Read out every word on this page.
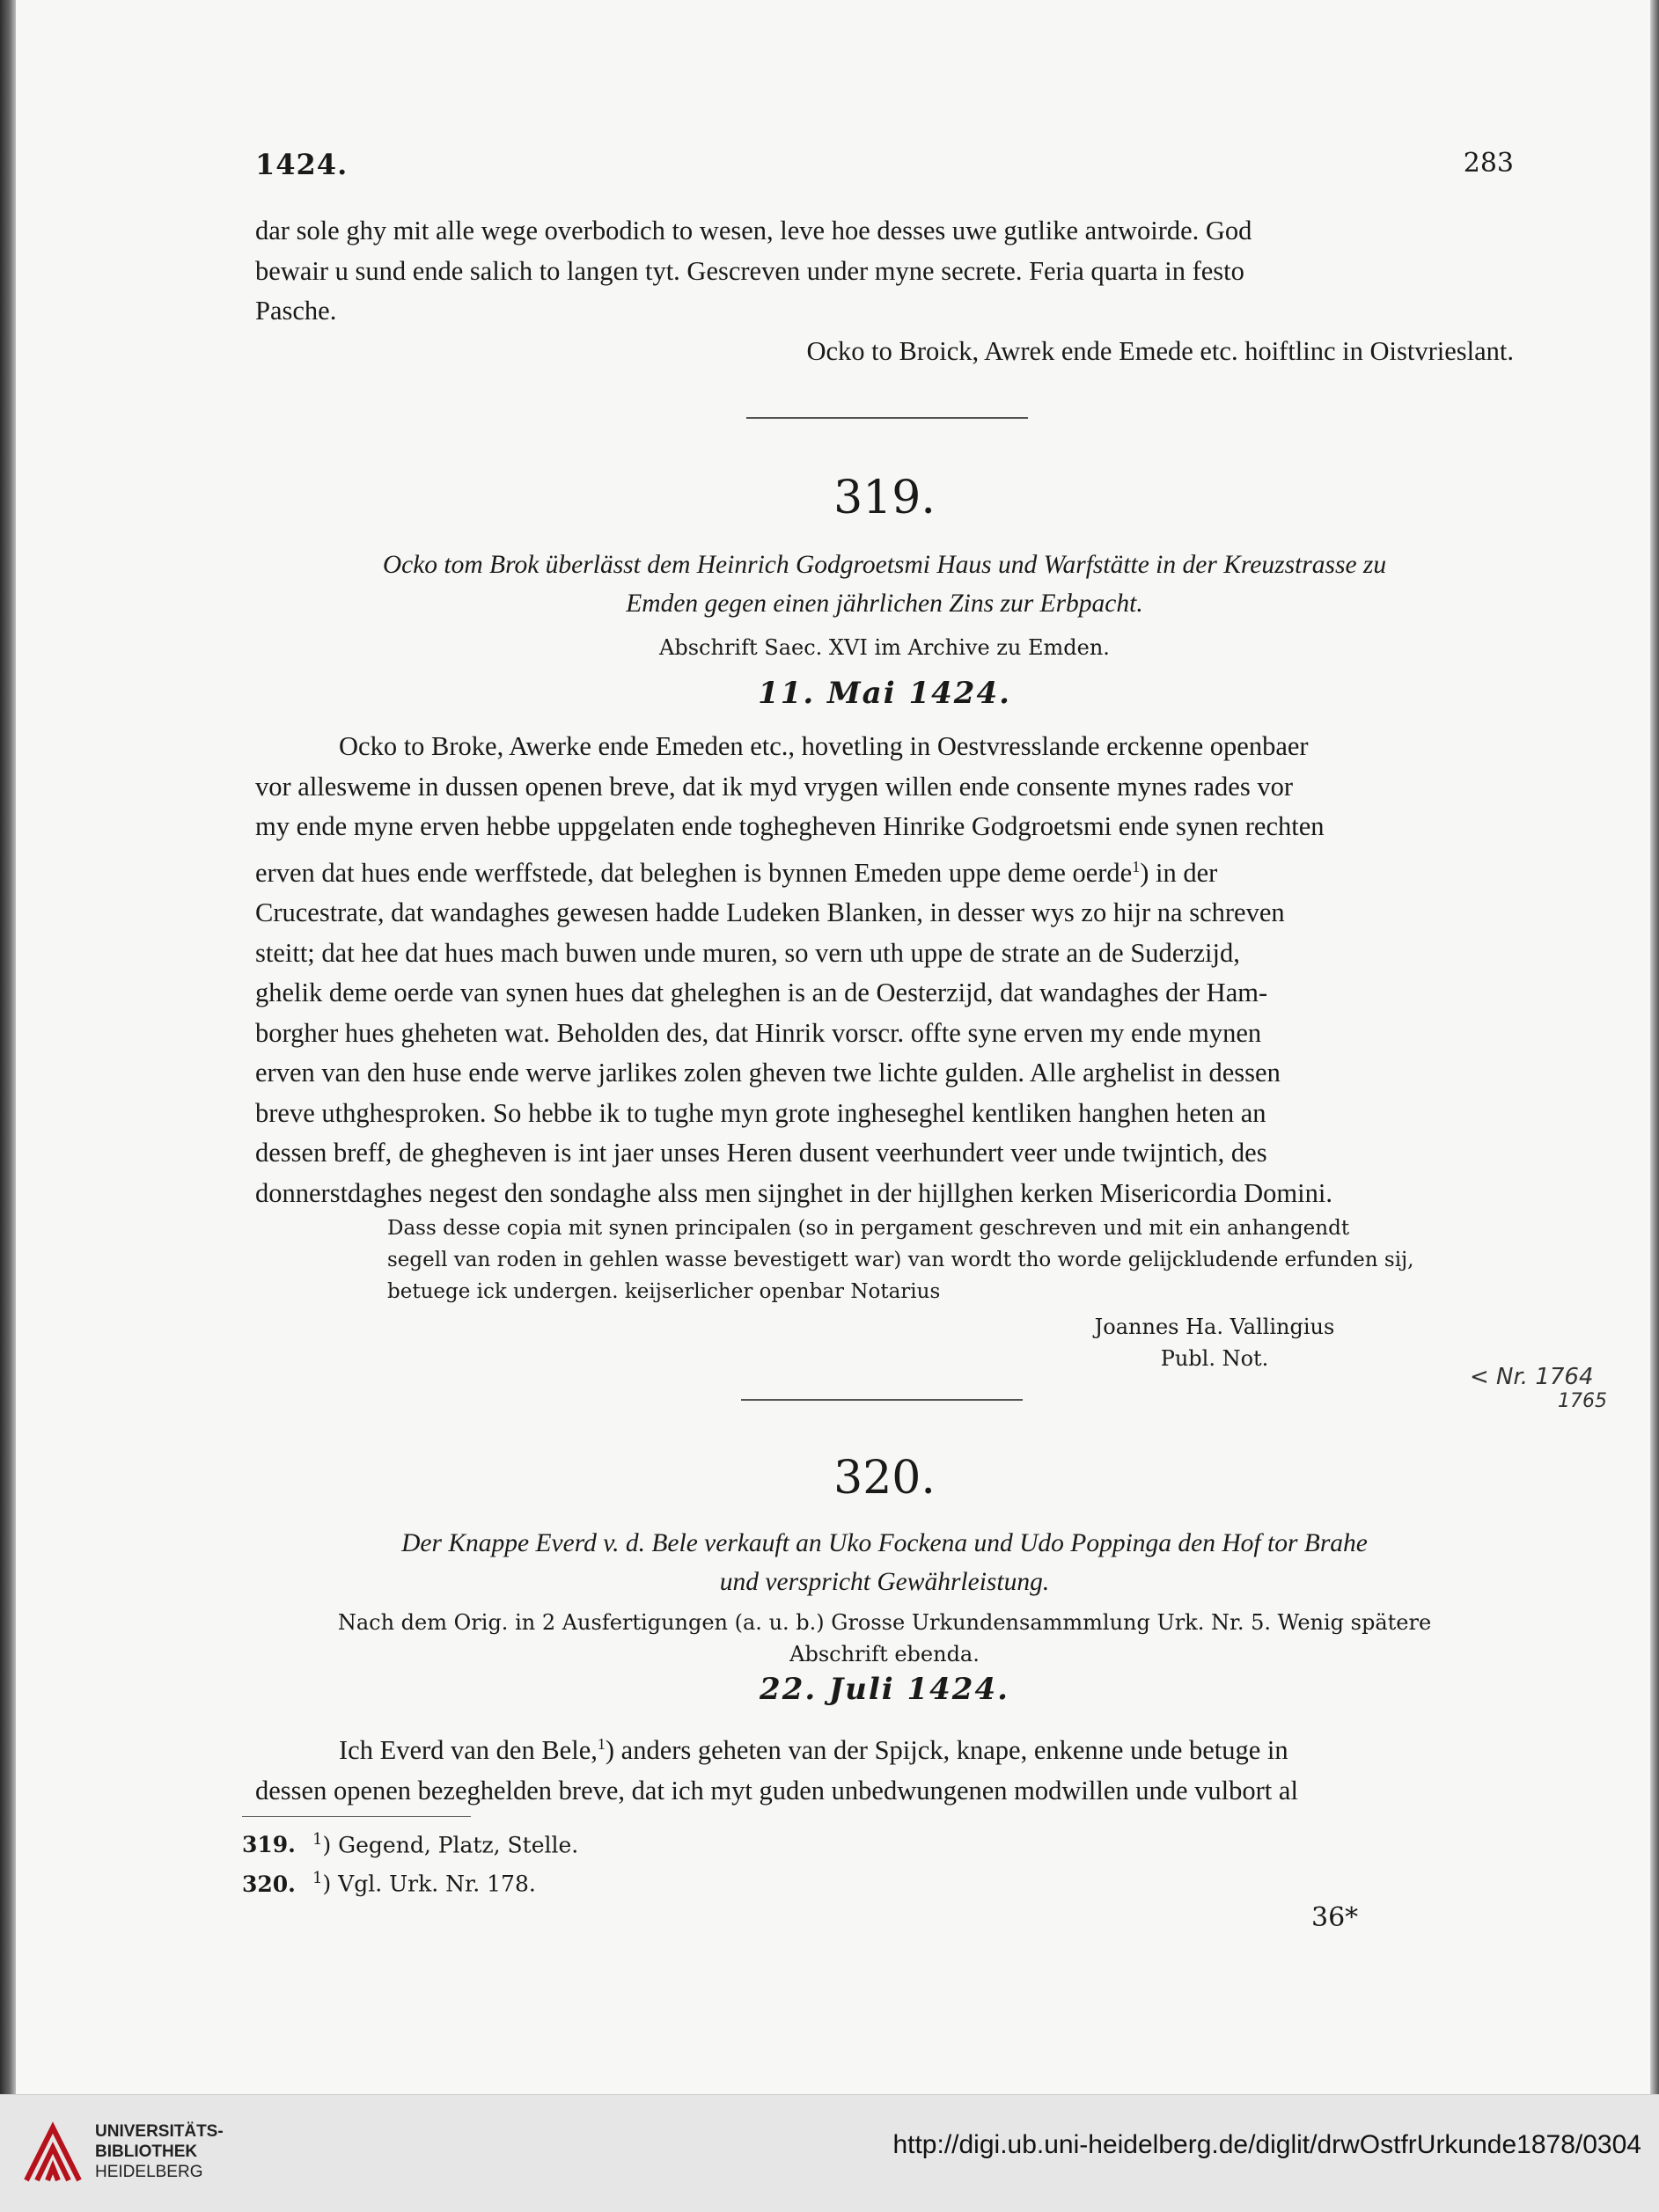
1424.	283

dar sole ghy mit alle wege overbodich to wesen, leve hoe desses uwe gutlike antwoirde. God
bewair u sund ende salich to langen tyt. Gescreven under myne secrete. Feria quarta in festo
Pasche.

Ocko to Broick, Awrek ende Emede etc. hoiftlinc in Oistvrieslant.
319.
Ocko tom Brok überlässt dem Heinrich Godgroetsmi Haus und Warfstätte in der Kreuzstrasse zu
Emden gegen einen jährlichen Zins zur Erbpacht.
Abschrift Saec. XVI im Archive zu Emden.
11. Mai 1424.

Ocko to Broke, Awerke ende Emeden etc., hovetling in Oestvresslande erckenne openbaer
vor allesweme in dussen openen breve, dat ik myd vrygen willen ende consente mynes rades vor
my ende myne erven hebbe uppgelaten ende toghegheven Hinrike Godgroetsmi ende synen rechten
erven dat hues ende werffstede, dat beleghen is bynnen Emeden uppe deme oerde$^1$) in der
Crucestrate, dat wandaghes gewesen hadde Ludeken Blanken, in desser wys zo hijr na schreven
steitt; dat hee dat hues mach buwen unde muren, so vern uth uppe de strate an de Suderzijd,
ghelik deme oerde van synen hues dat gheleghen is an de Oesterzijd, dat wandaghes der Ham-
borgher hues gheheten wat. Beholden des, dat Hinrik vorscr. offte syne erven my ende mynen
erven van den huse ende werve jarlikes zolen gheven twe lichte gulden. Alle arghelist in dessen
breve uthghesproken. So hebbe ik to tughe myn grote ingheseghel kentliken hanghen heten an
dessen breff, de ghegheven is int jaer unses Heren dusent veerhundert veer unde twijntich, des
donnerstdaghes negest den sondaghe alss men sijnghet in der hijllghen kerken Misericordia Domini.

Dass desse copia mit synen principalen (so in pergament geschreven und mit ein anhangendt
segell van roden in gehlen wasse bevestigett war) van wordt tho worde gelijckludende erfunden sij,
betuege ick undergen. keijserlicher openbar Notarius
Joannes Ha. Vallingius
Publ. Not.
< Nr. 1764
1765
320.
Der Knappe Everd v. d. Bele verkauft an Uko Fockena und Udo Poppinga den Hof tor Brahe
und verspricht Gewährleistung.
Nach dem Orig. in 2 Ausfertigungen (a. u. b.) Grosse Urkundensammmlung Urk. Nr. 5. Wenig spätere
Abschrift ebenda.
22. Juli 1424.

Ich Everd van den Bele,$^1$) anders geheten van der Spijck, knape, enkenne unde betuge in
dessen openen bezeghelden breve, dat ich myt guden unbedwungenen modwillen unde vulbort al

319. $^1$) Gegend, Platz, Stelle.
320. $^1$) Vgl. Urk. Nr. 178.
36*
UNIVERSITÄTS-
BIBLIOTHEK
HEIDELBERG
http://digi.ub.uni-heidelberg.de/diglit/drwOstfrUrkunde1878/0304
